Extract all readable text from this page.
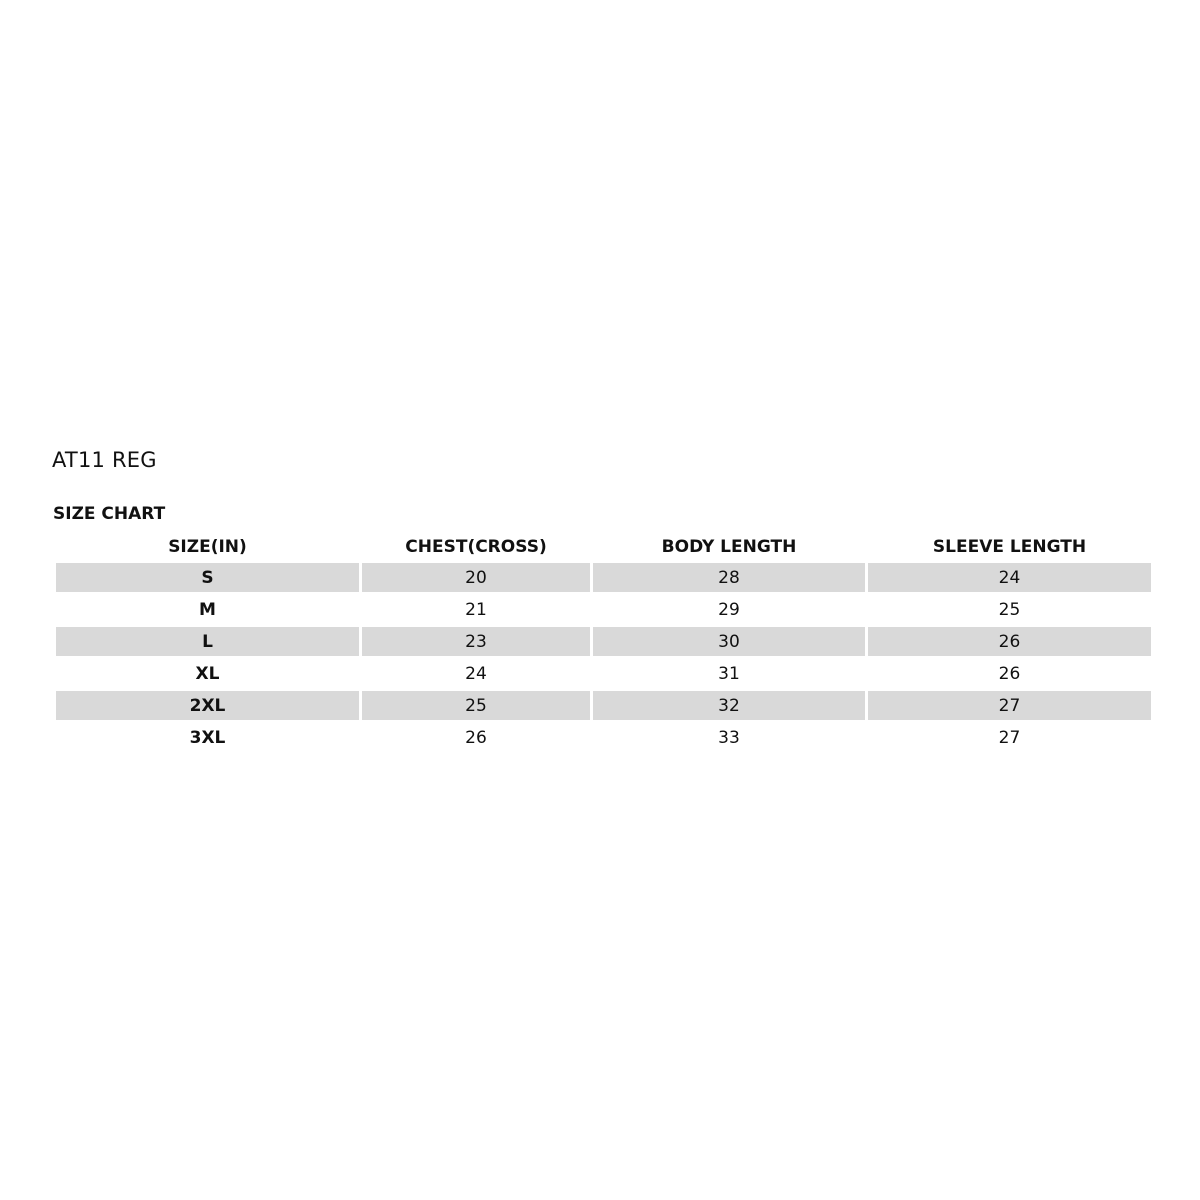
AT11 REG
SIZE CHART
SIZE(IN)	CHEST(CROSS)	BODY LENGTH	SLEEVE LENGTH
S	20	28	24
M	21	29	25
L	23	30	26
XL	24	31	26
2XL	25	32	27
3XL	26	33	27
